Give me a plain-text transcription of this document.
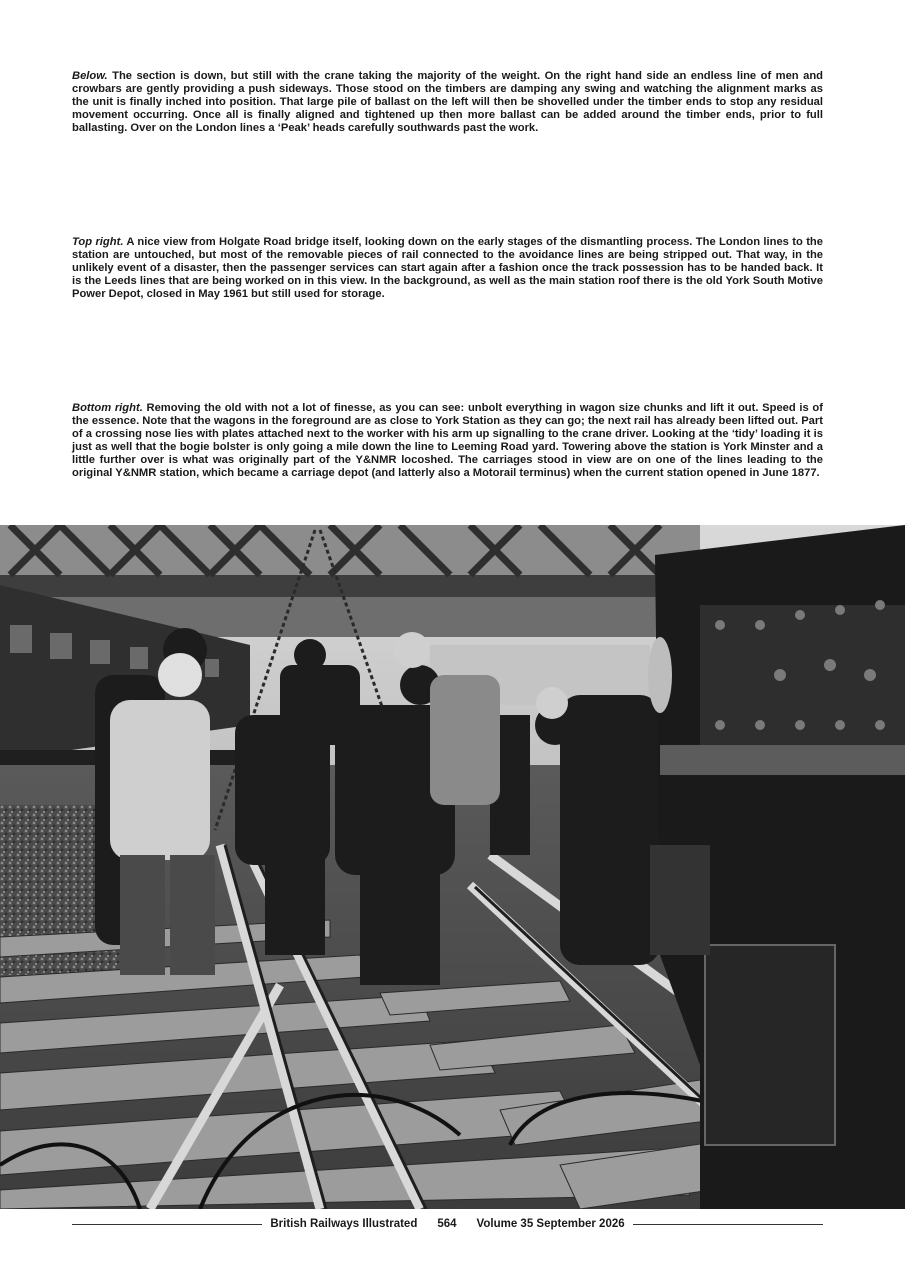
Below. The section is down, but still with the crane taking the majority of the weight. On the right hand side an endless line of men and crowbars are gently providing a push sideways. Those stood on the timbers are damping any swing and watching the alignment marks as the unit is finally inched into position. That large pile of ballast on the left will then be shovelled under the timber ends to stop any residual movement occurring. Once all is finally aligned and tightened up then more ballast can be added around the timber ends, prior to full ballasting. Over on the London lines a ‘Peak’ heads carefully southwards past the work.

Top right. A nice view from Holgate Road bridge itself, looking down on the early stages of the dismantling process. The London lines to the station are untouched, but most of the removable pieces of rail connected to the avoidance lines are being stripped out. That way, in the unlikely event of a disaster, then the passenger services can start again after a fashion once the track possession has to be handed back. It is the Leeds lines that are being worked on in this view. In the background, as well as the main station roof there is the old York South Motive Power Depot, closed in May 1961 but still used for storage.

Bottom right. Removing the old with not a lot of finesse, as you can see: unbolt everything in wagon size chunks and lift it out. Speed is of the essence. Note that the wagons in the foreground are as close to York Station as they can go; the next rail has already been lifted out. Part of a crossing nose lies with plates attached next to the worker with his arm up signalling to the crane driver. Looking at the ‘tidy’ loading it is just as well that the bogie bolster is only going a mile down the line to Leeming Road yard. Towering above the station is York Minster and a little further over is what was originally part of the Y&NMR locoshed. The carriages stood in view are on one of the lines leading to the original Y&NMR station, which became a carriage depot (and latterly also a Motorail terminus) when the current station opened in June 1877.

British Railways Illustrated	564	Volume 35 September 2026
